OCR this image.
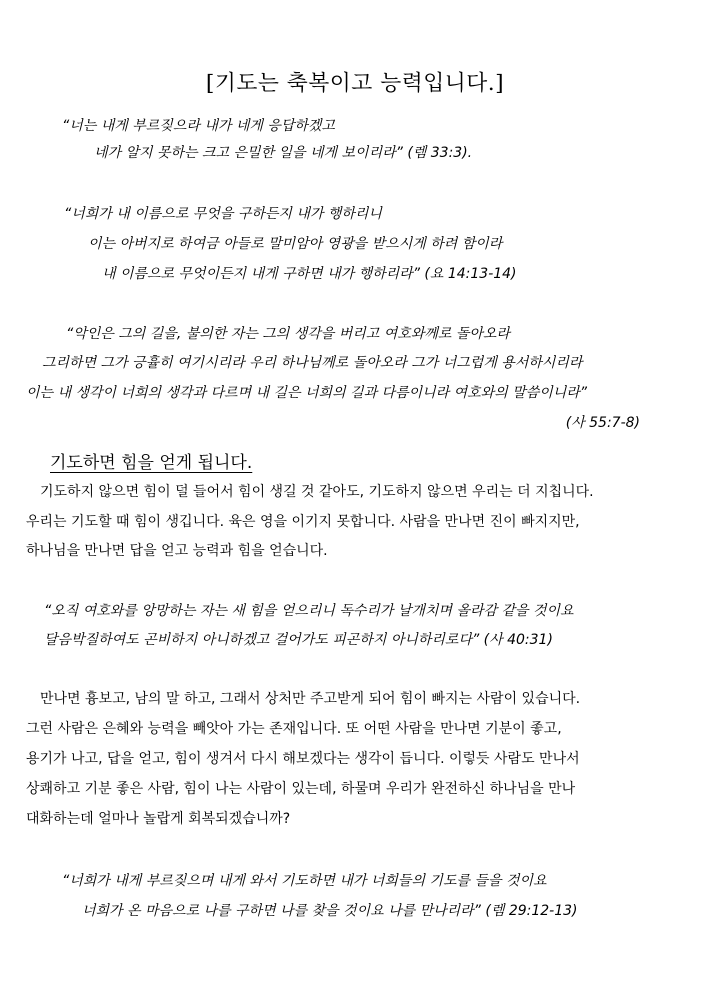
[기도는 축복이고 능력입니다.]
“너는 내게 부르짖으라 내가 네게 응답하겠고
네가 알지 못하는 크고 은밀한 일을 네게 보이리라” (렘 33:3).
“너희가 내 이름으로 무엇을 구하든지 내가 행하리니
이는 아버지로 하여금 아들로 말미암아 영광을 받으시게 하려 함이라
내 이름으로 무엇이든지 내게 구하면 내가 행하리라” (요 14:13-14)
“악인은 그의 길을, 불의한 자는 그의 생각을 버리고 여호와께로 돌아오라
그리하면 그가 긍휼히 여기시리라 우리 하나님께로 돌아오라 그가 너그럽게 용서하시리라
이는 내 생각이 너희의 생각과 다르며 내 길은 너희의 길과 다름이니라 여호와의 말씀이니라”
(사 55:7-8)
기도하면 힘을 얻게 됩니다.
기도하지 않으면 힘이 덜 들어서 힘이 생길 것 같아도, 기도하지 않으면 우리는 더 지칩니다.
우리는 기도할 때 힘이 생깁니다. 육은 영을 이기지 못합니다. 사람을 만나면 진이 빠지지만,
하나님을 만나면 답을 얻고 능력과 힘을 얻습니다.
“오직 여호와를 앙망하는 자는 새 힘을 얻으리니 독수리가 날개치며 올라감 같을 것이요
달음박질하여도 곤비하지 아니하겠고 걸어가도 피곤하지 아니하리로다” (사 40:31)
만나면 흉보고, 남의 말 하고, 그래서 상처만 주고받게 되어 힘이 빠지는 사람이 있습니다.
그런 사람은 은혜와 능력을 빼앗아 가는 존재입니다. 또 어떤 사람을 만나면 기분이 좋고,
용기가 나고, 답을 얻고, 힘이 생겨서 다시 해보겠다는 생각이 듭니다. 이렇듯 사람도 만나서
상쾌하고 기분 좋은 사람, 힘이 나는 사람이 있는데, 하물며 우리가 완전하신 하나님을 만나
대화하는데 얼마나 놀랍게 회복되겠습니까?
“너희가 내게 부르짖으며 내게 와서 기도하면 내가 너희들의 기도를 들을 것이요
너희가 온 마음으로 나를 구하면 나를 찾을 것이요 나를 만나리라” (렘 29:12-13)
